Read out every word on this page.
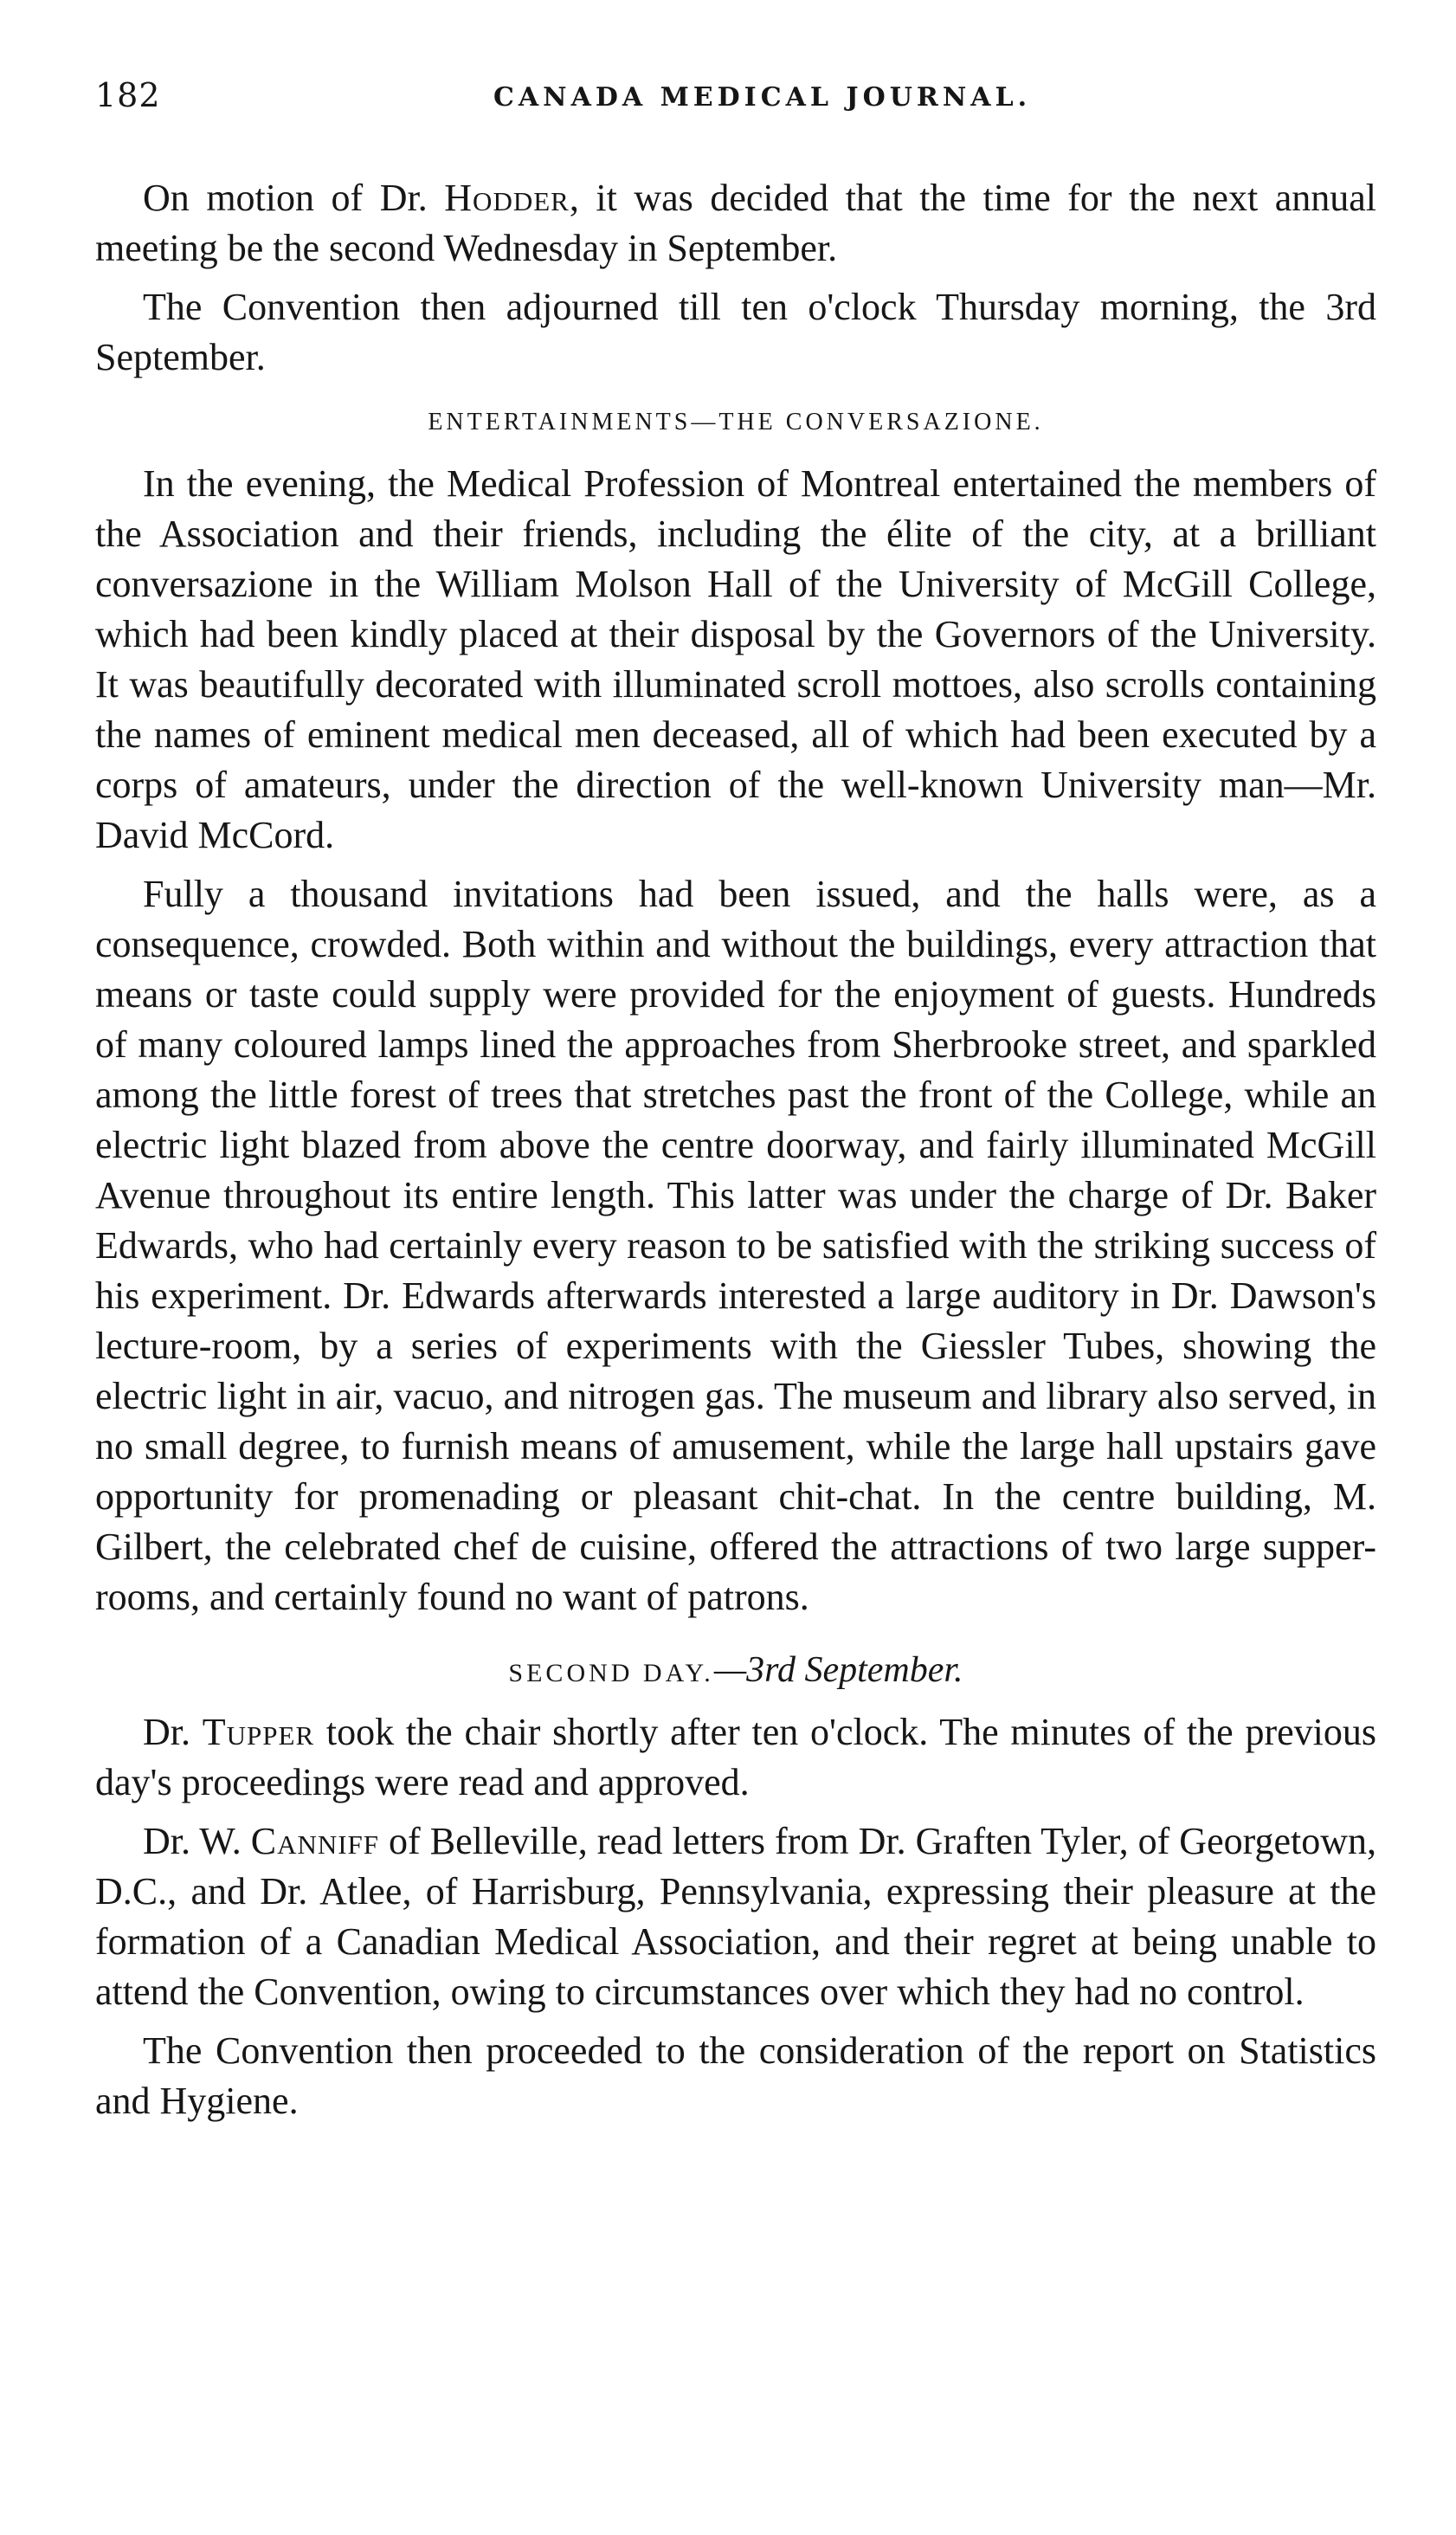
182	CANADA MEDICAL JOURNAL.

On motion of Dr. Hodder, it was decided that the time for the next annual meeting be the second Wednesday in September.

The Convention then adjourned till ten o'clock Thursday morning, the 3rd September.

ENTERTAINMENTS—THE CONVERSAZIONE.

In the evening, the Medical Profession of Montreal entertained the members of the Association and their friends, including the élite of the city, at a brilliant conversazione in the William Molson Hall of the University of McGill College, which had been kindly placed at their disposal by the Governors of the University. It was beautifully decorated with illuminated scroll mottoes, also scrolls containing the names of eminent medical men deceased, all of which had been executed by a corps of amateurs, under the direction of the well-known University man—Mr. David McCord.

Fully a thousand invitations had been issued, and the halls were, as a consequence, crowded. Both within and without the buildings, every attraction that means or taste could supply were provided for the enjoyment of guests. Hundreds of many coloured lamps lined the approaches from Sherbrooke street, and sparkled among the little forest of trees that stretches past the front of the College, while an electric light blazed from above the centre doorway, and fairly illuminated McGill Avenue throughout its entire length. This latter was under the charge of Dr. Baker Edwards, who had certainly every reason to be satisfied with the striking success of his experiment. Dr. Edwards afterwards interested a large auditory in Dr. Dawson's lecture-room, by a series of experiments with the Giessler Tubes, showing the electric light in air, vacuo, and nitrogen gas. The museum and library also served, in no small degree, to furnish means of amusement, while the large hall upstairs gave opportunity for promenading or pleasant chit-chat. In the centre building, M. Gilbert, the celebrated chef de cuisine, offered the attractions of two large supper-rooms, and certainly found no want of patrons.

SECOND DAY.—3rd September.

Dr. Tupper took the chair shortly after ten o'clock. The minutes of the previous day's proceedings were read and approved.

Dr. W. Canniff of Belleville, read letters from Dr. Graften Tyler, of Georgetown, D.C., and Dr. Atlee, of Harrisburg, Pennsylvania, expressing their pleasure at the formation of a Canadian Medical Association, and their regret at being unable to attend the Convention, owing to circumstances over which they had no control.

The Convention then proceeded to the consideration of the report on Statistics and Hygiene.
